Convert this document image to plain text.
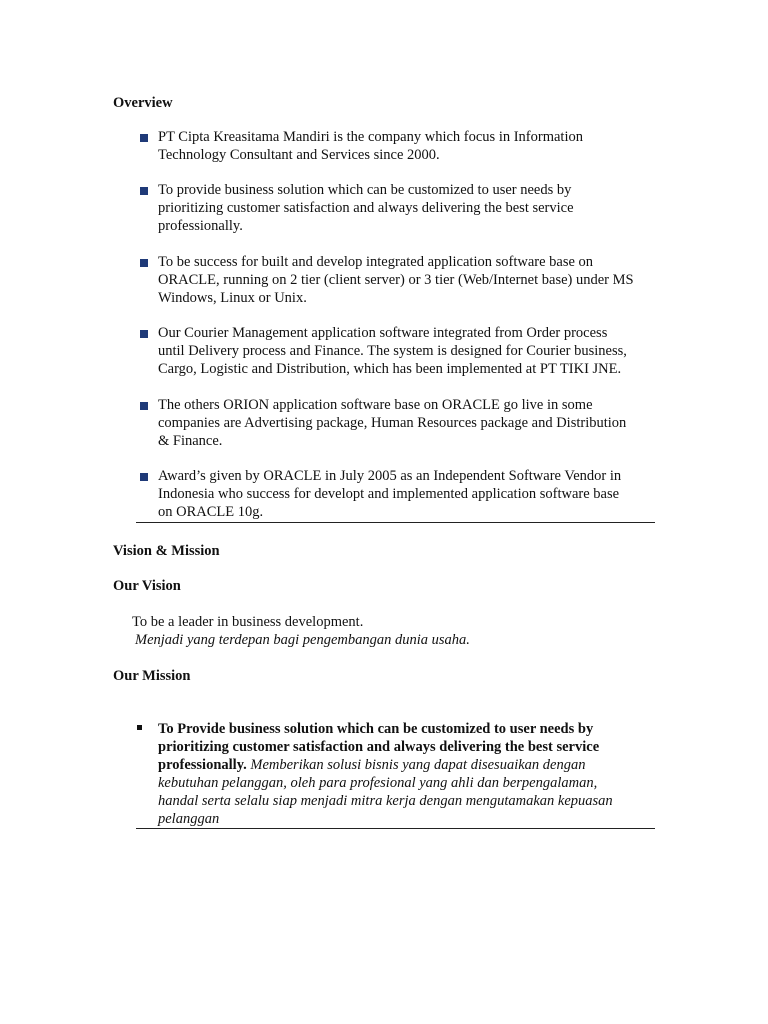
Overview
PT Cipta Kreasitama Mandiri is the company which focus in Information
Technology Consultant and Services since 2000.
To provide business solution which can be customized to user needs by
prioritizing customer satisfaction and always delivering the best service
professionally.
To be success for built and develop integrated application software base on
ORACLE, running on 2 tier (client server) or 3 tier (Web/Internet base) under MS
Windows, Linux or Unix.
Our Courier Management application software integrated from Order process
until Delivery process and Finance. The system is designed for Courier business,
Cargo, Logistic and Distribution, which has been implemented at PT TIKI JNE.
The others ORION application software base on ORACLE go live in some
companies are Advertising package, Human Resources package and Distribution
& Finance.
Award’s given by ORACLE in July 2005 as an Independent Software Vendor in
Indonesia who success for developt and implemented application software base
on ORACLE 10g.
Vision & Mission
Our Vision
To be a leader in business development.
Menjadi yang terdepan bagi pengembangan dunia usaha.
Our Mission
To Provide business solution which can be customized to user needs by
prioritizing customer satisfaction and always delivering the best service
professionally. Memberikan solusi bisnis yang dapat disesuaikan dengan
kebutuhan pelanggan, oleh para profesional yang ahli dan berpengalaman,
handal serta selalu siap menjadi mitra kerja dengan mengutamakan kepuasan
pelanggan
